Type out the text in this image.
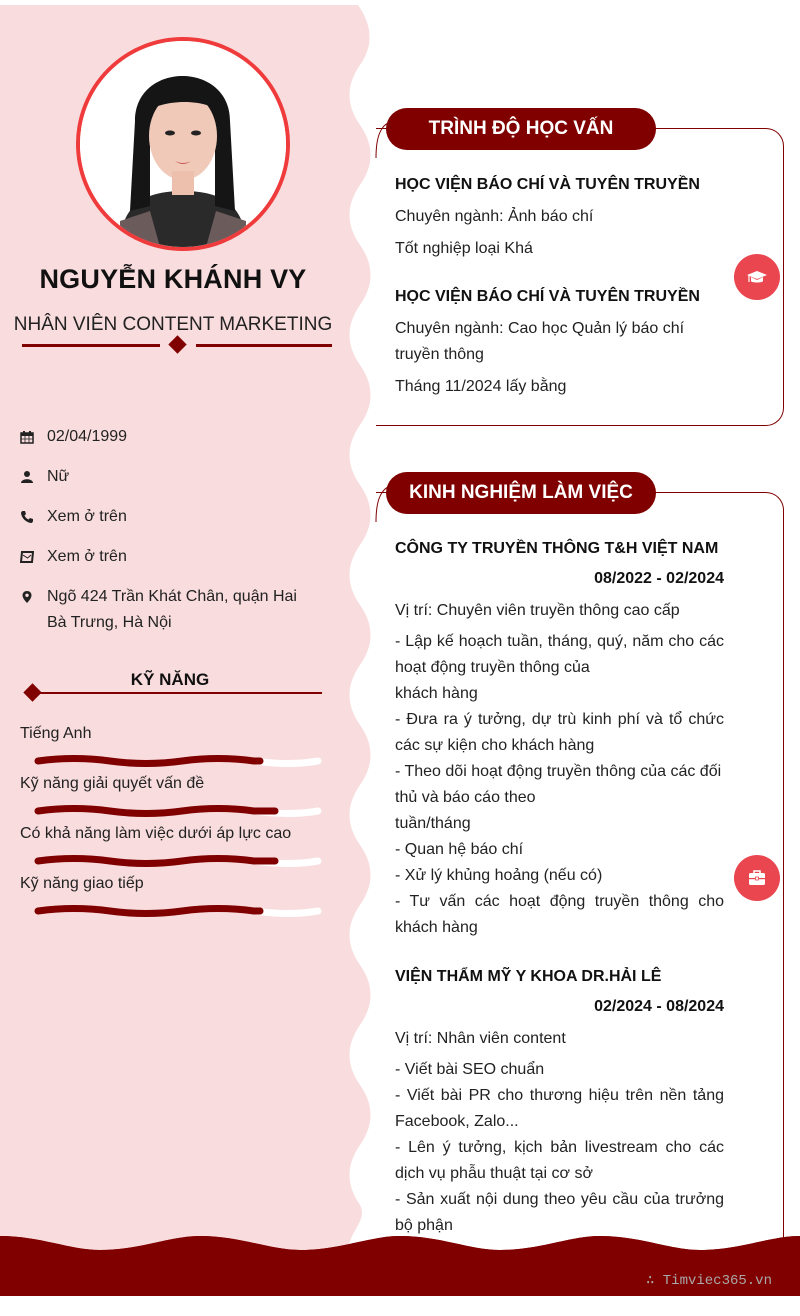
NGUYỄN KHÁNH VY
NHÂN VIÊN CONTENT MARKETING
02/04/1999
Nữ
Xem ở trên
Xem ở trên
Ngõ 424 Trần Khát Chân, quận Hai Bà Trưng, Hà Nội
KỸ NĂNG
Tiếng Anh
Kỹ năng giải quyết vấn đề
Có khả năng làm việc dưới áp lực cao
Kỹ năng giao tiếp
TRÌNH ĐỘ HỌC VẤN
HỌC VIỆN BÁO CHÍ VÀ TUYÊN TRUYỀN
Chuyên ngành: Ảnh báo chí
Tốt nghiệp loại Khá
HỌC VIỆN BÁO CHÍ VÀ TUYÊN TRUYỀN
Chuyên ngành: Cao học Quản lý báo chí truyền thông
Tháng 11/2024 lấy bằng
KINH NGHIỆM LÀM VIỆC
CÔNG TY TRUYỀN THÔNG T&H VIỆT NAM
08/2022 - 02/2024
Vị trí: Chuyên viên truyền thông cao cấp
- Lập kế hoạch tuần, tháng, quý, năm cho các hoạt động truyền thông của
khách hàng
- Đưa ra ý tưởng, dự trù kinh phí và tổ chức các sự kiện cho khách hàng
- Theo dõi hoạt động truyền thông của các đối thủ và báo cáo theo
tuần/tháng
- Quan hệ báo chí
- Xử lý khủng hoảng (nếu có)
- Tư vấn các hoạt động truyền thông cho khách hàng
VIỆN THẨM MỸ Y KHOA DR.HẢI LÊ
02/2024 - 08/2024
Vị trí: Nhân viên content
- Viết bài SEO chuẩn
- Viết bài PR cho thương hiệu trên nền tảng Facebook, Zalo...
- Lên ý tưởng, kịch bản livestream cho các dịch vụ phẫu thuật tại cơ sở
- Sản xuất nội dung theo yêu cầu của trưởng bộ phận
∴ Timviec365.vn
